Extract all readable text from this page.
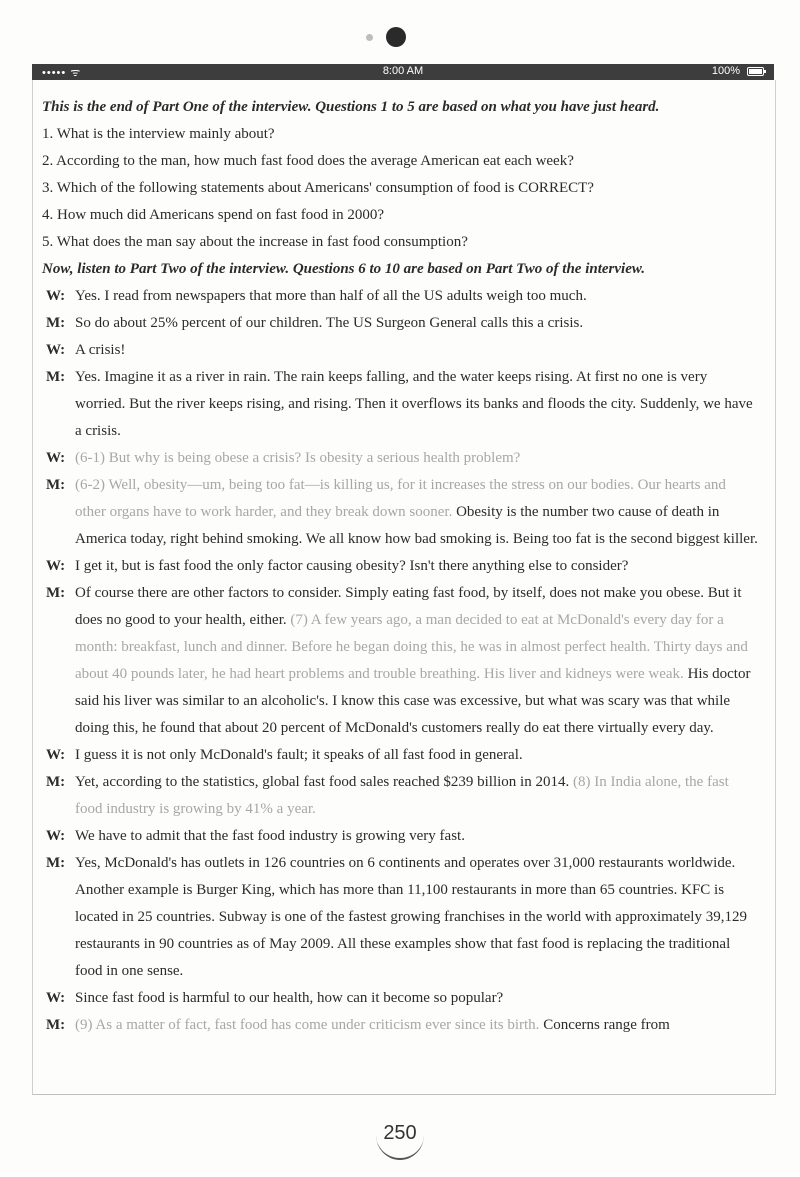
••••• ᯤ	8:00 AM	100%
This is the end of Part One of the interview. Questions 1 to 5 are based on what you have just heard.
1. What is the interview mainly about?
2. According to the man, how much fast food does the average American eat each week?
3. Which of the following statements about Americans' consumption of food is CORRECT?
4. How much did Americans spend on fast food in 2000?
5. What does the man say about the increase in fast food consumption?
Now, listen to Part Two of the interview. Questions 6 to 10 are based on Part Two of the interview.
W: Yes. I read from newspapers that more than half of all the US adults weigh too much.
M: So do about 25% percent of our children. The US Surgeon General calls this a crisis.
W: A crisis!
M: Yes. Imagine it as a river in rain. The rain keeps falling, and the water keeps rising. At first no one is very worried. But the river keeps rising, and rising. Then it overflows its banks and floods the city. Suddenly, we have a crisis.
W: (6-1) But why is being obese a crisis? Is obesity a serious health problem?
M: (6-2) Well, obesity—um, being too fat—is killing us, for it increases the stress on our bodies. Our hearts and other organs have to work harder, and they break down sooner. Obesity is the number two cause of death in America today, right behind smoking. We all know how bad smoking is. Being too fat is the second biggest killer.
W: I get it, but is fast food the only factor causing obesity? Isn't there anything else to consider?
M: Of course there are other factors to consider. Simply eating fast food, by itself, does not make you obese. But it does no good to your health, either. (7) A few years ago, a man decided to eat at McDonald's every day for a month: breakfast, lunch and dinner. Before he began doing this, he was in almost perfect health. Thirty days and about 40 pounds later, he had heart problems and trouble breathing. His liver and kidneys were weak. His doctor said his liver was similar to an alcoholic's. I know this case was excessive, but what was scary was that while doing this, he found that about 20 percent of McDonald's customers really do eat there virtually every day.
W: I guess it is not only McDonald's fault; it speaks of all fast food in general.
M: Yet, according to the statistics, global fast food sales reached $239 billion in 2014. (8) In India alone, the fast food industry is growing by 41% a year.
W: We have to admit that the fast food industry is growing very fast.
M: Yes, McDonald's has outlets in 126 countries on 6 continents and operates over 31,000 restaurants worldwide. Another example is Burger King, which has more than 11,100 restaurants in more than 65 countries. KFC is located in 25 countries. Subway is one of the fastest growing franchises in the world with approximately 39,129 restaurants in 90 countries as of May 2009. All these examples show that fast food is replacing the traditional food in one sense.
W: Since fast food is harmful to our health, how can it become so popular?
M: (9) As a matter of fact, fast food has come under criticism ever since its birth. Concerns range from
250
